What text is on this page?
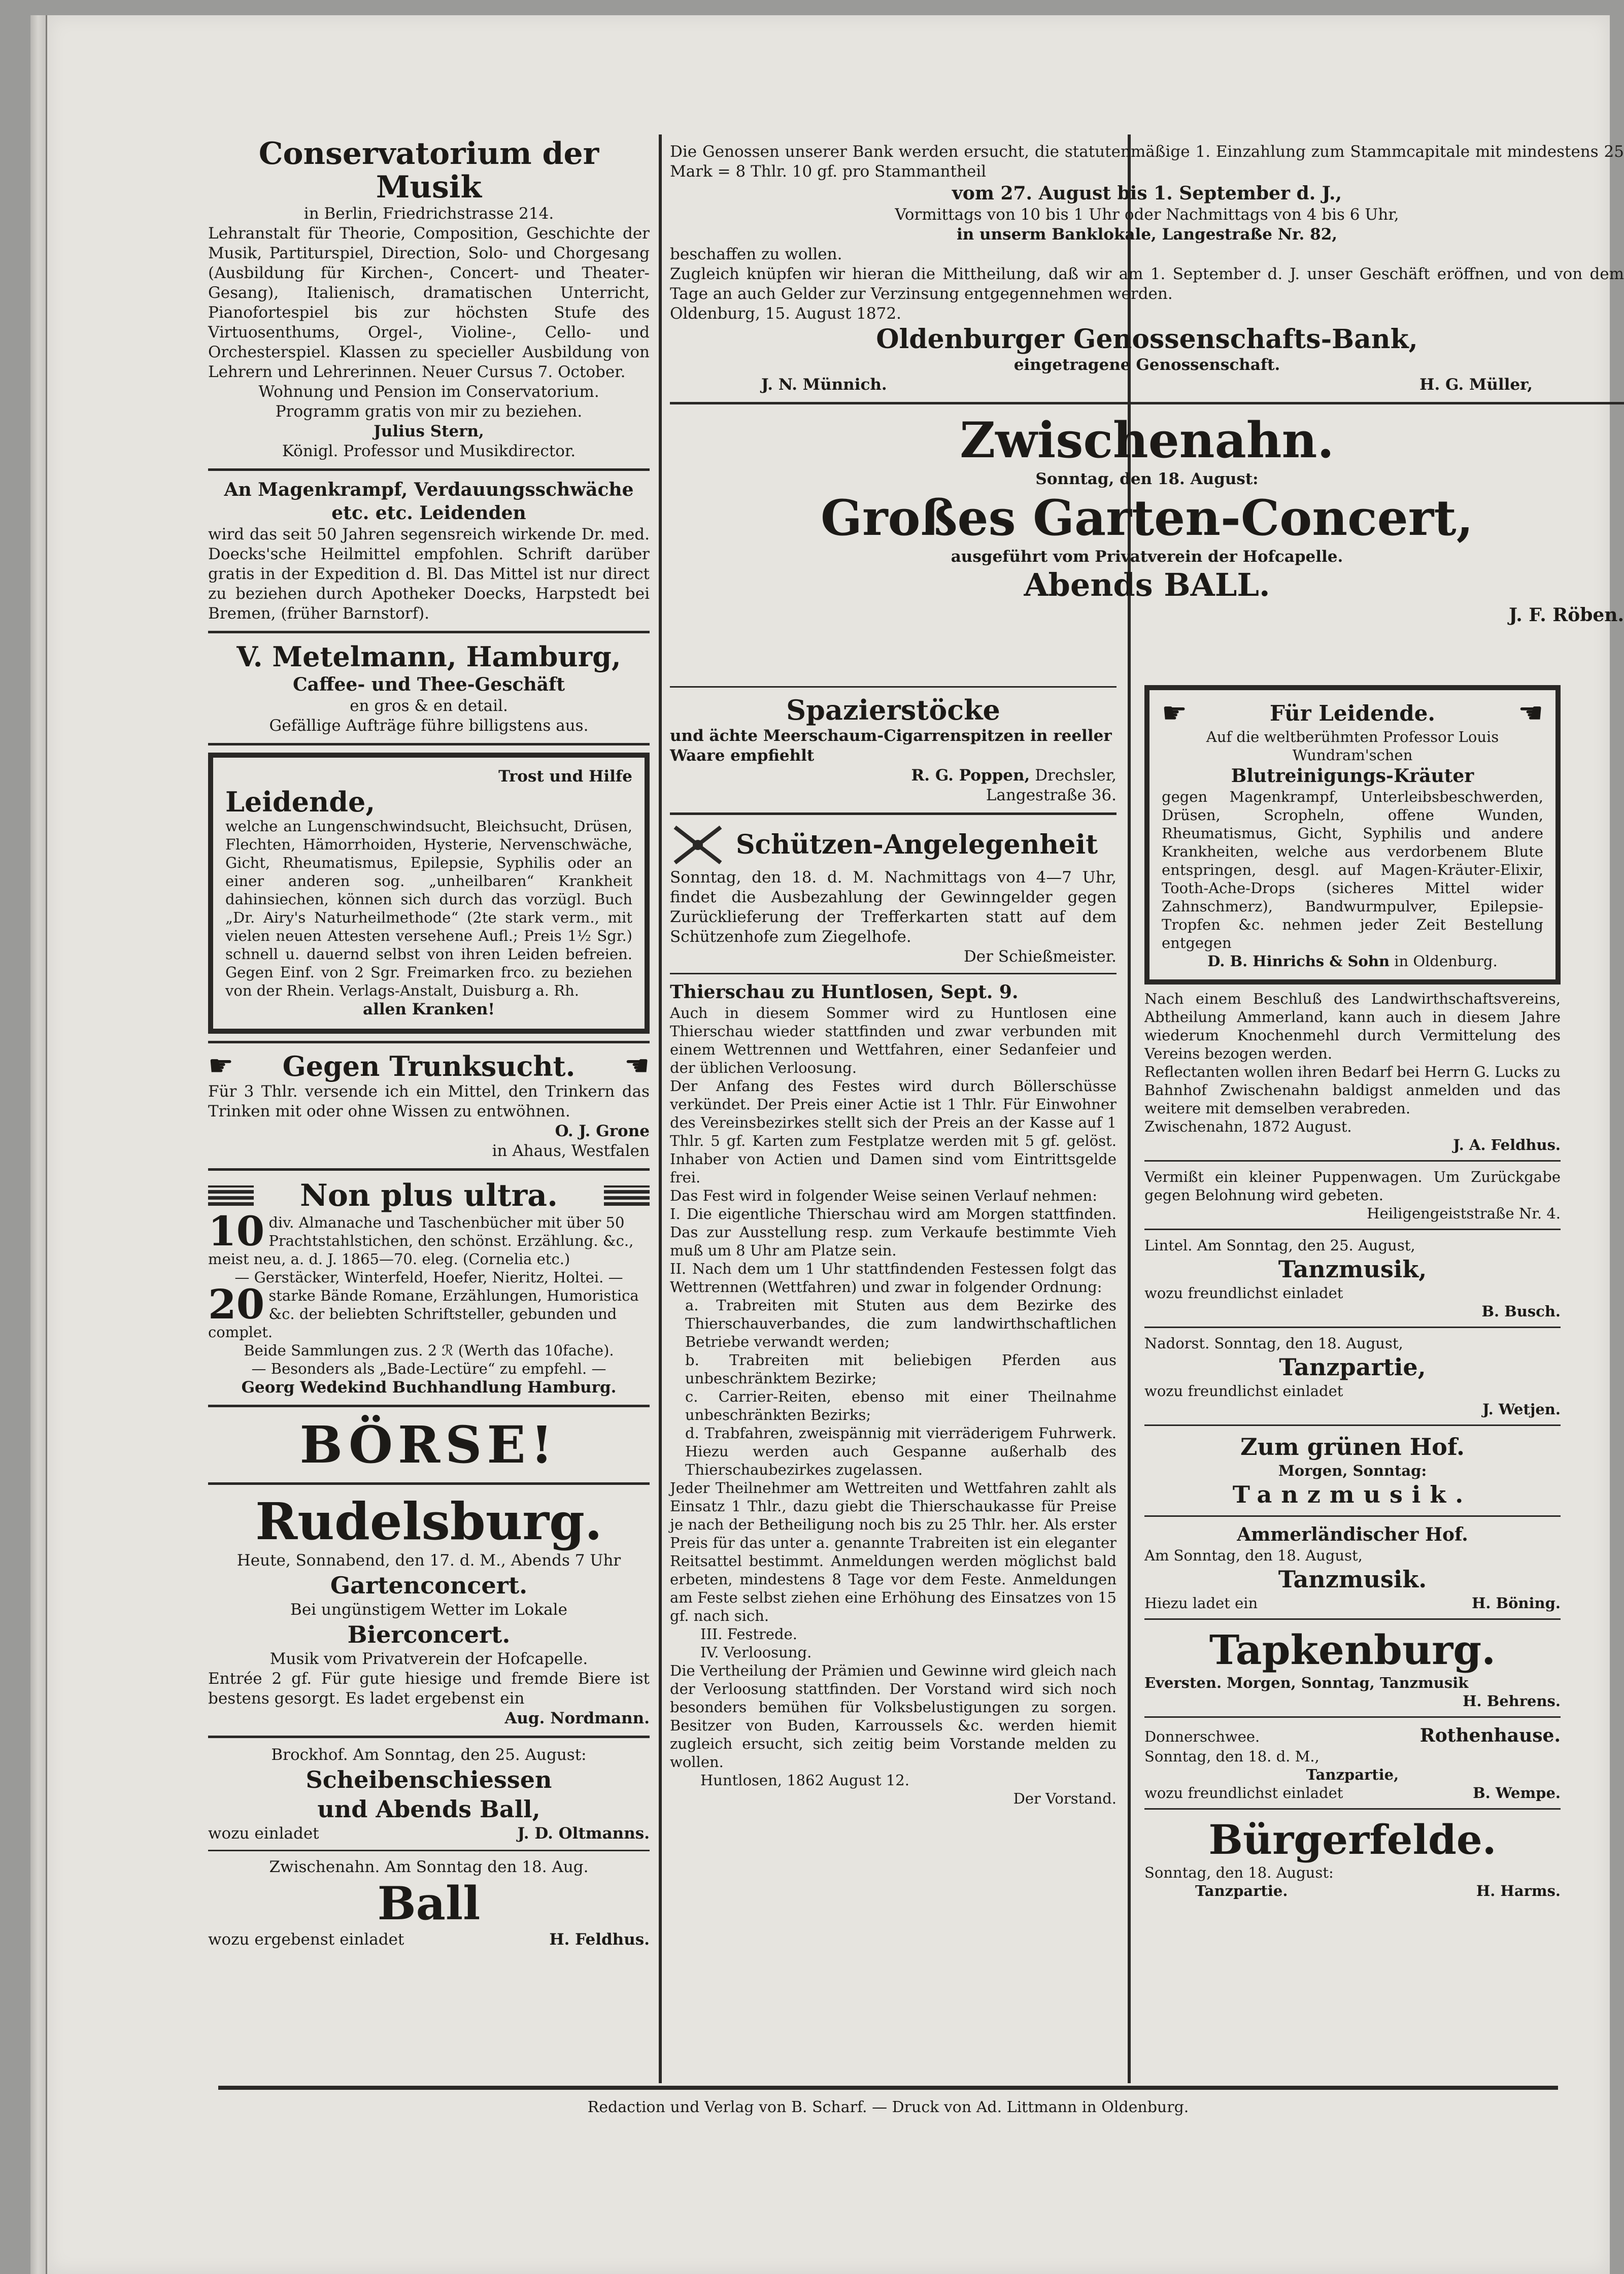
Conservatorium der Musik

in Berlin, Friedrichstrasse 214.

Lehranstalt für Theorie, Composition, Geschichte der Musik, Partiturspiel, Direction, Solo- und Chorgesang (Ausbildung für Kirchen-, Concert- und Theater-Gesang), Italienisch, dramatischen Unterricht, Pianofortespiel bis zur höchsten Stufe des Virtuosenthums, Orgel-, Violine-, Cello- und Orchesterspiel. Klassen zu specieller Ausbildung von Lehrern und Lehrerinnen. Neuer Cursus 7. October.

Wohnung und Pension im Conservatorium.

Programm gratis von mir zu beziehen.

Julius Stern,

Königl. Professor und Musikdirector.

An Magenkrampf, Verdauungsschwäche etc. etc. Leidenden

wird das seit 50 Jahren segensreich wirkende Dr. med. Doecks'sche Heilmittel empfohlen. Schrift darüber gratis in der Expedition d. Bl. Das Mittel ist nur direct zu beziehen durch Apotheker Doecks, Harpstedt bei Bremen, (früher Barnstorf).

V. Metelmann, Hamburg,

Caffee- und Thee-Geschäft

en gros & en detail.

Gefällige Aufträge führe billigstens aus.

Trost und Hilfe

Leidende,

welche an Lungenschwindsucht, Bleichsucht, Drüsen, Flechten, Hämorrhoiden, Hysterie, Nervenschwäche, Gicht, Rheumatismus, Epilepsie, Syphilis oder an einer anderen sog. „unheilbaren“ Krankheit dahinsiechen, können sich durch das vorzügl. Buch „Dr. Airy's Naturheilmethode“ (2te stark verm., mit vielen neuen Attesten versehene Aufl.; Preis 1½ Sgr.) schnell u. dauernd selbst von ihren Leiden befreien. Gegen Einf. von 2 Sgr. Freimarken frco. zu beziehen von der Rhein. Verlags-Anstalt, Duisburg a. Rh.

allen Kranken!

☛ Gegen Trunksucht. ☛

Für 3 Thlr. versende ich ein Mittel, den Trinkern das Trinken mit oder ohne Wissen zu entwöhnen.

O. J. Grone

in Ahaus, Westfalen

Non plus ultra.

10 div. Almanache und Taschenbücher mit über 50 Prachtstahlstichen, den schönst. Erzählung. &c., meist neu, a. d. J. 1865—70. eleg. (Cornelia etc.)

— Gerstäcker, Winterfeld, Hoefer, Nieritz, Holtei. —

20 starke Bände Romane, Erzählungen, Humoristica &c. der beliebten Schriftsteller, gebunden und complet.

Beide Sammlungen zus. 2 ℛ (Werth das 10fache).

— Besonders als „Bade-Lectüre“ zu empfehl. —

Georg Wedekind Buchhandlung Hamburg.

BÖRSE!

Rudelsburg.

Heute, Sonnabend, den 17. d. M., Abends 7 Uhr

Gartenconcert.

Bei ungünstigem Wetter im Lokale

Bierconcert.

Musik vom Privatverein der Hofcapelle.

Entrée 2 gf. Für gute hiesige und fremde Biere ist bestens gesorgt. Es ladet ergebenst ein

Aug. Nordmann.

Brockhof. Am Sonntag, den 25. August:

Scheibenschiessen

und Abends Ball,

wozu einladet	J. D. Oltmanns.

Zwischenahn. Am Sonntag den 18. Aug.

Ball

wozu ergebenst einladet	H. Feldhus.

Die Genossen unserer Bank werden ersucht, die statutenmäßige 1. Einzahlung zum Stammcapitale mit mindestens 25 Mark = 8 Thlr. 10 gf. pro Stammantheil

vom 27. August bis 1. September d. J.,

Vormittags von 10 bis 1 Uhr oder Nachmittags von 4 bis 6 Uhr,

in unserm Banklokale, Langestraße Nr. 82,

beschaffen zu wollen.

Zugleich knüpfen wir hieran die Mittheilung, daß wir am 1. September d. J. unser Geschäft eröffnen, und von dem Tage an auch Gelder zur Verzinsung entgegennehmen werden.

Oldenburg, 15. August 1872.

Oldenburger Genossenschafts-Bank,

eingetragene Genossenschaft.

J. N. Münnich.	H. G. Müller,

Zwischenahn.

Sonntag, den 18. August:

Großes Garten-Concert,

ausgeführt vom Privatverein der Hofcapelle.

Abends BALL.

J. F. Röben.

Spazierstöcke

und ächte Meerschaum-Cigarrenspitzen in reeller Waare empfiehlt

R. G. Poppen, Drechsler,

Langestraße 36.

Schützen-Angelegenheit

Sonntag, den 18. d. M. Nachmittags von 4—7 Uhr, findet die Ausbezahlung der Gewinngelder gegen Zurücklieferung der Trefferkarten statt auf dem Schützenhofe zum Ziegelhofe.

Der Schießmeister.

Thierschau zu Huntlosen, Sept. 9.

Auch in diesem Sommer wird zu Huntlosen eine Thierschau wieder stattfinden und zwar verbunden mit einem Wettrennen und Wettfahren, einer Sedanfeier und der üblichen Verloosung.

Der Anfang des Festes wird durch Böllerschüsse verkündet. Der Preis einer Actie ist 1 Thlr. Für Einwohner des Vereinsbezirkes stellt sich der Preis an der Kasse auf 1 Thlr. 5 gf. Karten zum Festplatze werden mit 5 gf. gelöst. Inhaber von Actien und Damen sind vom Eintrittsgelde frei.

Das Fest wird in folgender Weise seinen Verlauf nehmen:

I. Die eigentliche Thierschau wird am Morgen stattfinden. Das zur Ausstellung resp. zum Verkaufe bestimmte Vieh muß um 8 Uhr am Platze sein.

II. Nach dem um 1 Uhr stattfindenden Festessen folgt das Wettrennen (Wettfahren) und zwar in folgender Ordnung:

a. Trabreiten mit Stuten aus dem Bezirke des Thierschauverbandes, die zum landwirthschaftlichen Betriebe verwandt werden;

b. Trabreiten mit beliebigen Pferden aus unbeschränktem Bezirke;

c. Carrier-Reiten, ebenso mit einer Theilnahme unbeschränkten Bezirks;

d. Trabfahren, zweispännig mit vierräderigem Fuhrwerk. Hiezu werden auch Gespanne außerhalb des Thierschaubezirkes zugelassen.

Jeder Theilnehmer am Wettreiten und Wettfahren zahlt als Einsatz 1 Thlr., dazu giebt die Thierschaukasse für Preise je nach der Betheiligung noch bis zu 25 Thlr. her. Als erster Preis für das unter a. genannte Trabreiten ist ein eleganter Reitsattel bestimmt. Anmeldungen werden möglichst bald erbeten, mindestens 8 Tage vor dem Feste. Anmeldungen am Feste selbst ziehen eine Erhöhung des Einsatzes von 15 gf. nach sich.

III. Festrede.

IV. Verloosung.

Die Vertheilung der Prämien und Gewinne wird gleich nach der Verloosung stattfinden. Der Vorstand wird sich noch besonders bemühen für Volksbelustigungen zu sorgen. Besitzer von Buden, Karroussels &c. werden hiemit zugleich ersucht, sich zeitig beim Vorstande melden zu wollen.

Huntlosen, 1862 August 12.

Der Vorstand.

☛	Für Leidende.	☛

Auf die weltberühmten Professor Louis Wundram'schen

Blutreinigungs-Kräuter

gegen Magenkrampf, Unterleibsbeschwerden, Drüsen, Scropheln, offene Wunden, Rheumatismus, Gicht, Syphilis und andere Krankheiten, welche aus verdorbenem Blute entspringen, desgl. auf Magen-Kräuter-Elixir, Tooth-Ache-Drops (sicheres Mittel wider Zahnschmerz), Bandwurmpulver, Epilepsie-Tropfen &c. nehmen jeder Zeit Bestellung entgegen

D. B. Hinrichs & Sohn in Oldenburg.

Nach einem Beschluß des Landwirthschaftsvereins, Abtheilung Ammerland, kann auch in diesem Jahre wiederum Knochenmehl durch Vermittelung des Vereins bezogen werden.

Reflectanten wollen ihren Bedarf bei Herrn G. Lucks zu Bahnhof Zwischenahn baldigst anmelden und das weitere mit demselben verabreden.

Zwischenahn, 1872 August.

J. A. Feldhus.

Vermißt ein kleiner Puppenwagen. Um Zurückgabe gegen Belohnung wird gebeten.

Heiligengeiststraße Nr. 4.

Lintel. Am Sonntag, den 25. August,

Tanzmusik,

wozu freundlichst einladet

B. Busch.

Nadorst. Sonntag, den 18. August,

Tanzpartie,

wozu freundlichst einladet

J. Wetjen.

Zum grünen Hof.

Morgen, Sonntag:

Tanzmusik.

Ammerländischer Hof.

Am Sonntag, den 18. August,

Tanzmusik.

Hiezu ladet ein	H. Böning.

Tapkenburg.

Eversten. Morgen, Sonntag, Tanzmusik

H. Behrens.

Donnerschwee.	Rothenhause.

Sonntag, den 18. d. M.,

Tanzpartie,

wozu freundlichst einladet	B. Wempe.

Bürgerfelde.

Sonntag, den 18. August:

Tanzpartie.	H. Harms.

Redaction und Verlag von B. Scharf. — Druck von Ad. Littmann in Oldenburg.
